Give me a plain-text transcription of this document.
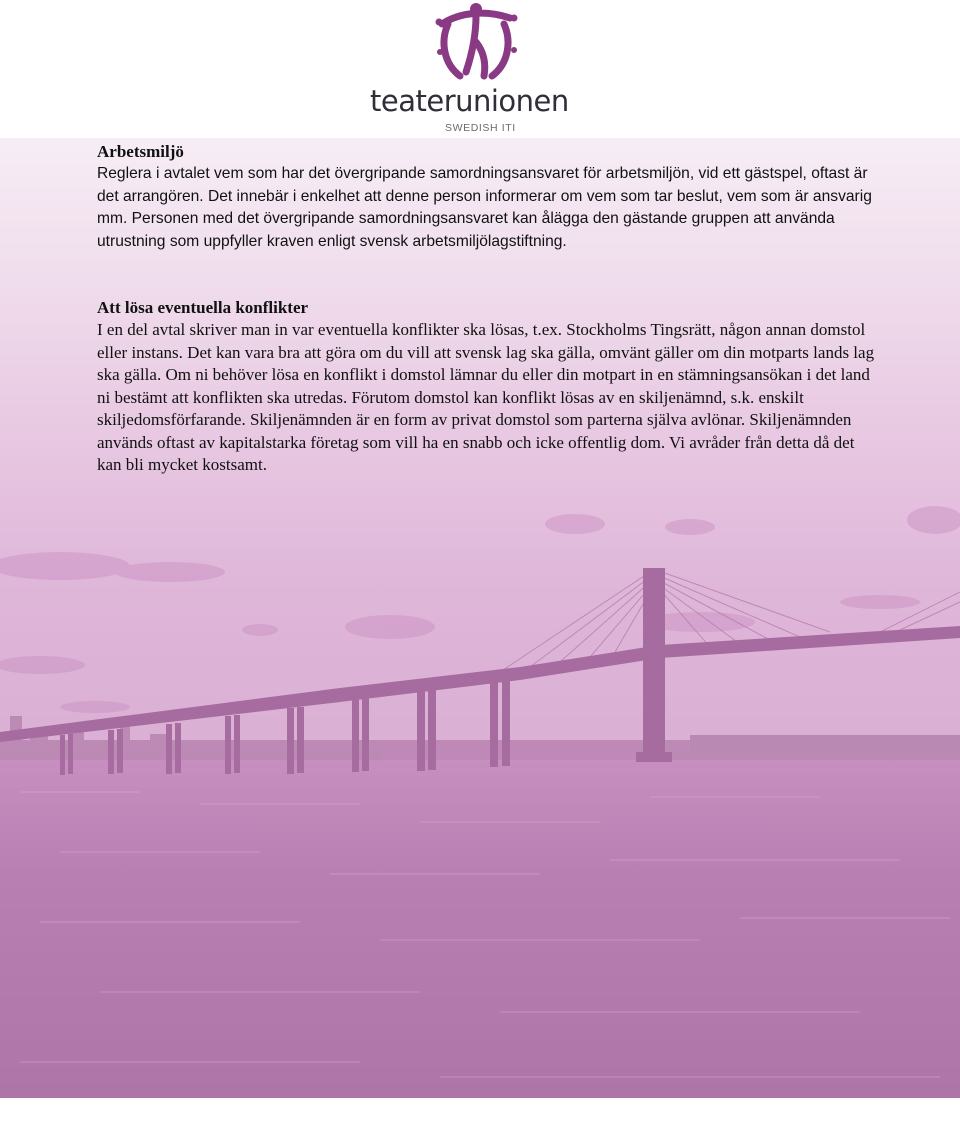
teaterunionen
SWEDISH ITI
Arbetsmiljö

Reglera i avtalet vem som har det övergripande samordningsansvaret för arbetsmiljön, vid ett gästspel, oftast är det arrangören. Det innebär i enkelhet att denne person informerar om vem som tar beslut, vem som är ansvarig mm. Personen med det övergripande samordningsansvaret kan ålägga den gästande gruppen att använda utrustning som uppfyller kraven enligt svensk arbetsmiljölagstiftning.

Att lösa eventuella konflikter

I en del avtal skriver man in var eventuella konflikter ska lösas, t.ex. Stockholms Tingsrätt, någon annan domstol eller instans. Det kan vara bra att göra om du vill att svensk lag ska gälla, omvänt gäller om din motparts lands lag ska gälla. Om ni behöver lösa en konflikt i domstol lämnar du eller din motpart in en stämningsansökan i det land ni bestämt att konflikten ska utredas. Förutom domstol kan konflikt lösas av en skiljenämnd, s.k. enskilt skiljedomsförfarande. Skiljenämnden är en form av privat domstol som parterna själva avlönar. Skiljenämnden används oftast av kapitalstarka företag som vill ha en snabb och icke offentlig dom. Vi avråder från detta då det kan bli mycket kostsamt.
